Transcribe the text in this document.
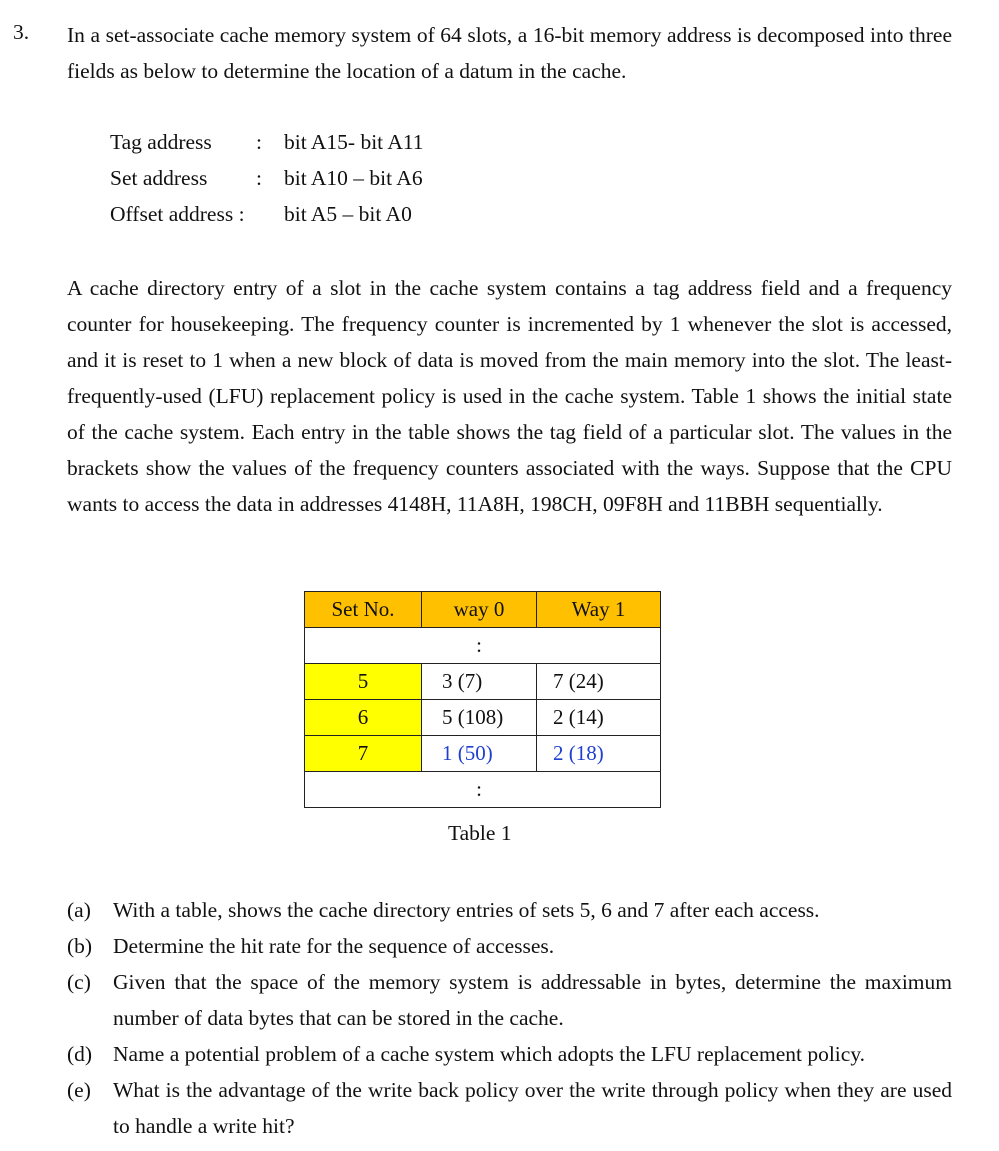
3. In a set-associate cache memory system of 64 slots, a 16-bit memory address is decomposed into three fields as below to determine the location of a datum in the cache.

Tag address : bit A15- bit A11
Set address : bit A10 – bit A6
Offset address : bit A5 – bit A0

A cache directory entry of a slot in the cache system contains a tag address field and a frequency counter for housekeeping. The frequency counter is incremented by 1 whenever the slot is accessed, and it is reset to 1 when a new block of data is moved from the main memory into the slot. The least-frequently-used (LFU) replacement policy is used in the cache system. Table 1 shows the initial state of the cache system. Each entry in the table shows the tag field of a particular slot. The values in the brackets show the values of the frequency counters associated with the ways. Suppose that the CPU wants to access the data in addresses 4148H, 11A8H, 198CH, 09F8H and 11BBH sequentially.

Set No.	way 0	Way 1
	:	
5	3 (7)	7 (24)
6	5 (108)	2 (14)
7	1 (50)	2 (18)
	:	
Table 1
(a)	With a table, shows the cache directory entries of sets 5, 6 and 7 after each access.
(b) Determine the hit rate for the sequence of accesses.
(c)	Given that the space of the memory system is addressable in bytes, determine the maximum number of data bytes that can be stored in the cache.
(d) Name a potential problem of a cache system which adopts the LFU replacement policy.
(e)	What is the advantage of the write back policy over the write through policy when they are used to handle a write hit?
